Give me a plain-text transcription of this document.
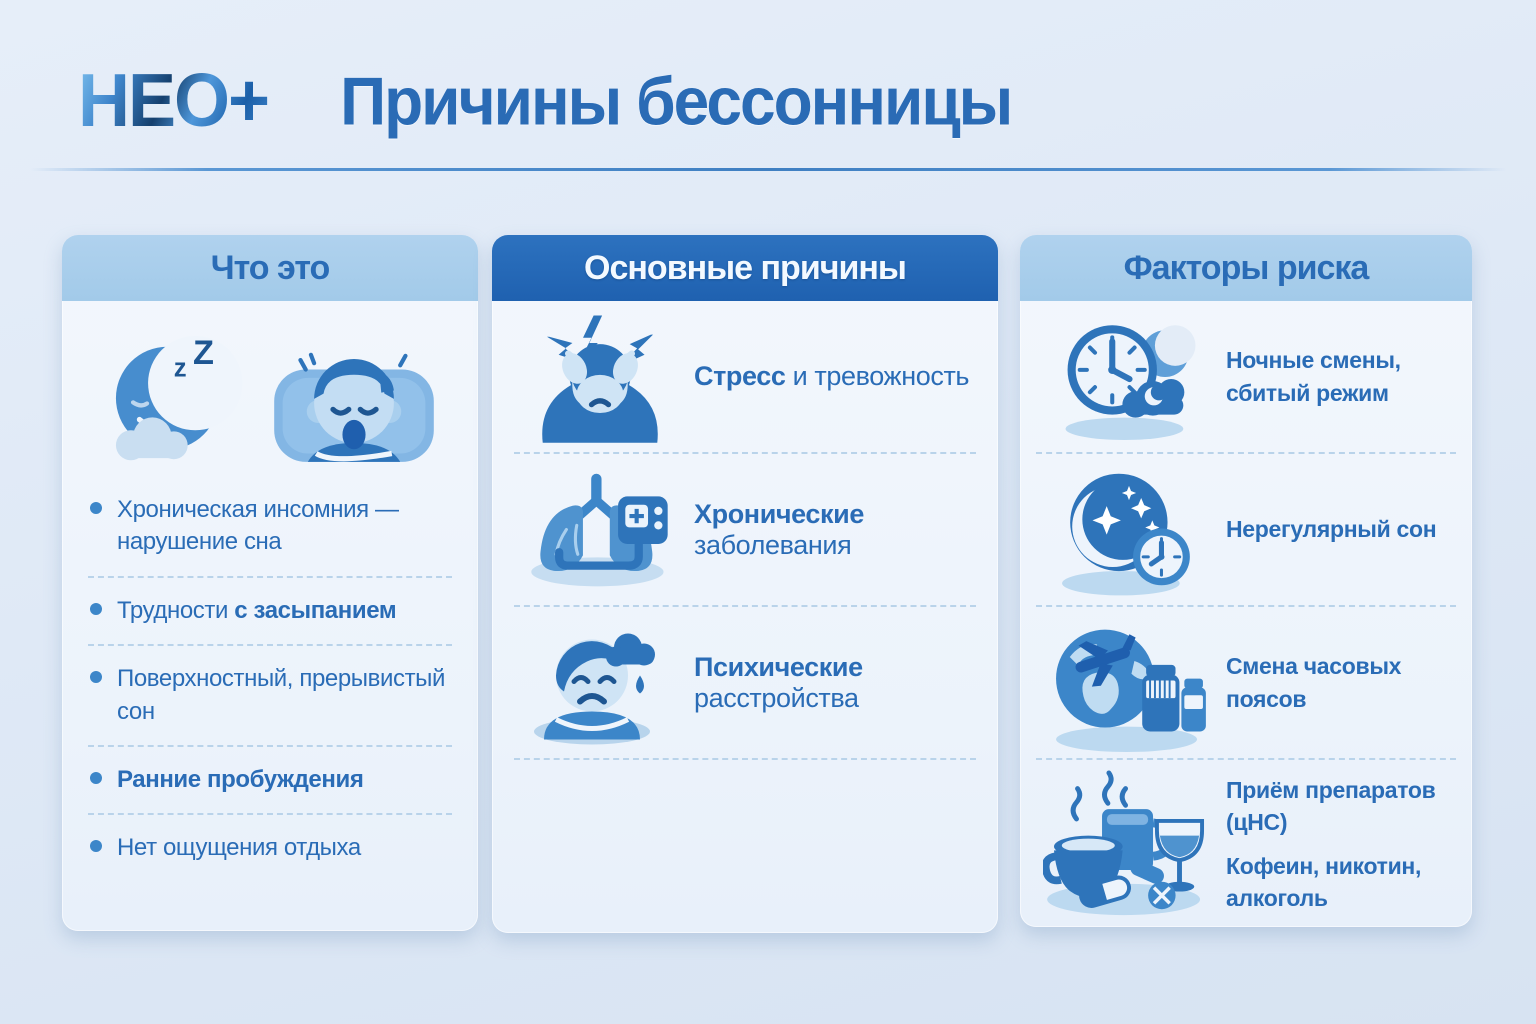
НЕО+ Причины бессонницы
Что это
z Z
Хроническая инсомния — нарушение сна
Трудности с засыпанием
Поверхностный, прерывистый сон
Ранние пробуждения
Нет ощущения отдыха
Основные причины
Стресс и тревожность
Хронические заболевания
Психические расстройства
Факторы риска
Ночные смены,
сбитый режим
Нерегулярный сон
Смена часовых поясов
Приём препаратов (цНС)
Кофеин, никотин,
алкоголь
